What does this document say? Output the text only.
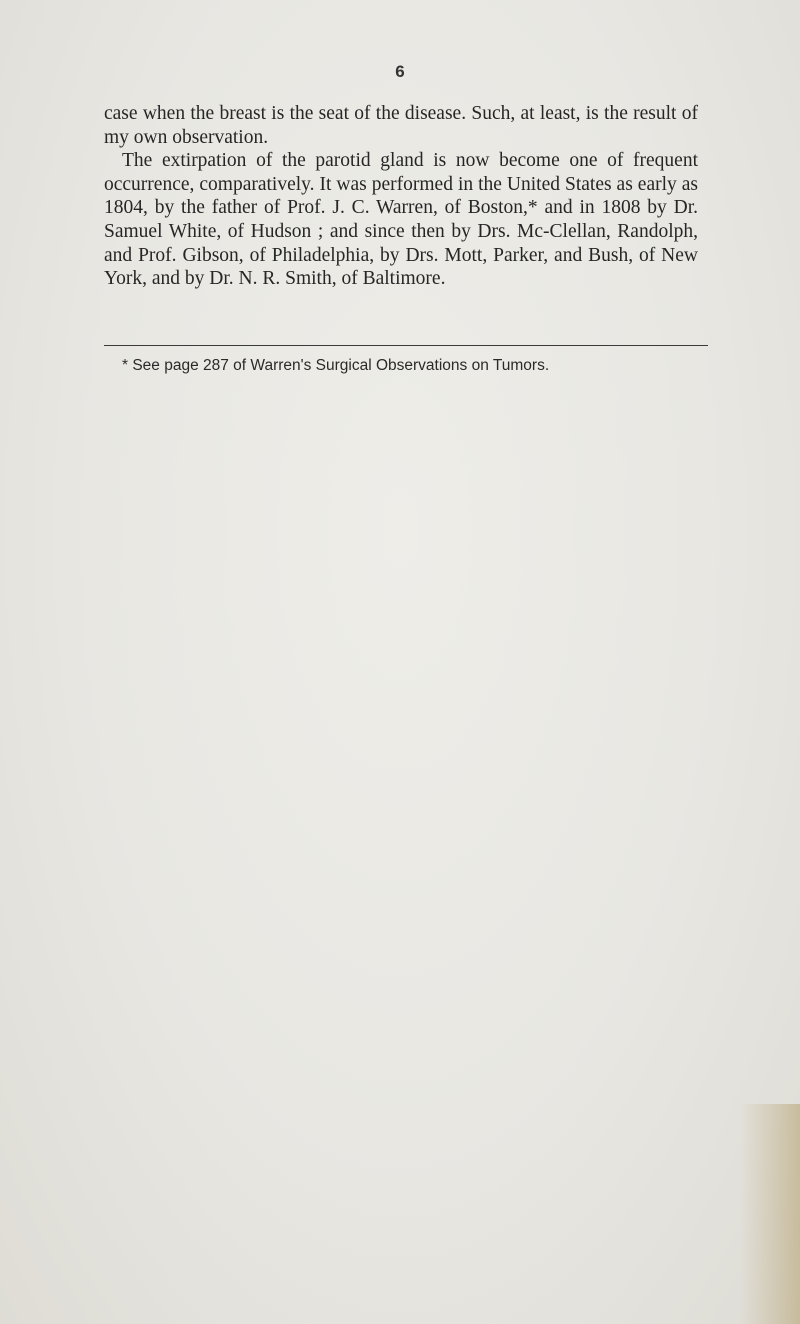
6

case when the breast is the seat of the disease. Such, at least, is the result of my own observation.

The extirpation of the parotid gland is now become one of frequent occurrence, comparatively. It was performed in the United States as early as 1804, by the father of Prof. J. C. Warren, of Boston,* and in 1808 by Dr. Samuel White, of Hudson ; and since then by Drs. Mc-Clellan, Randolph, and Prof. Gibson, of Philadelphia, by Drs. Mott, Parker, and Bush, of New York, and by Dr. N. R. Smith, of Baltimore.

* See page 287 of Warren's Surgical Observations on Tumors.
